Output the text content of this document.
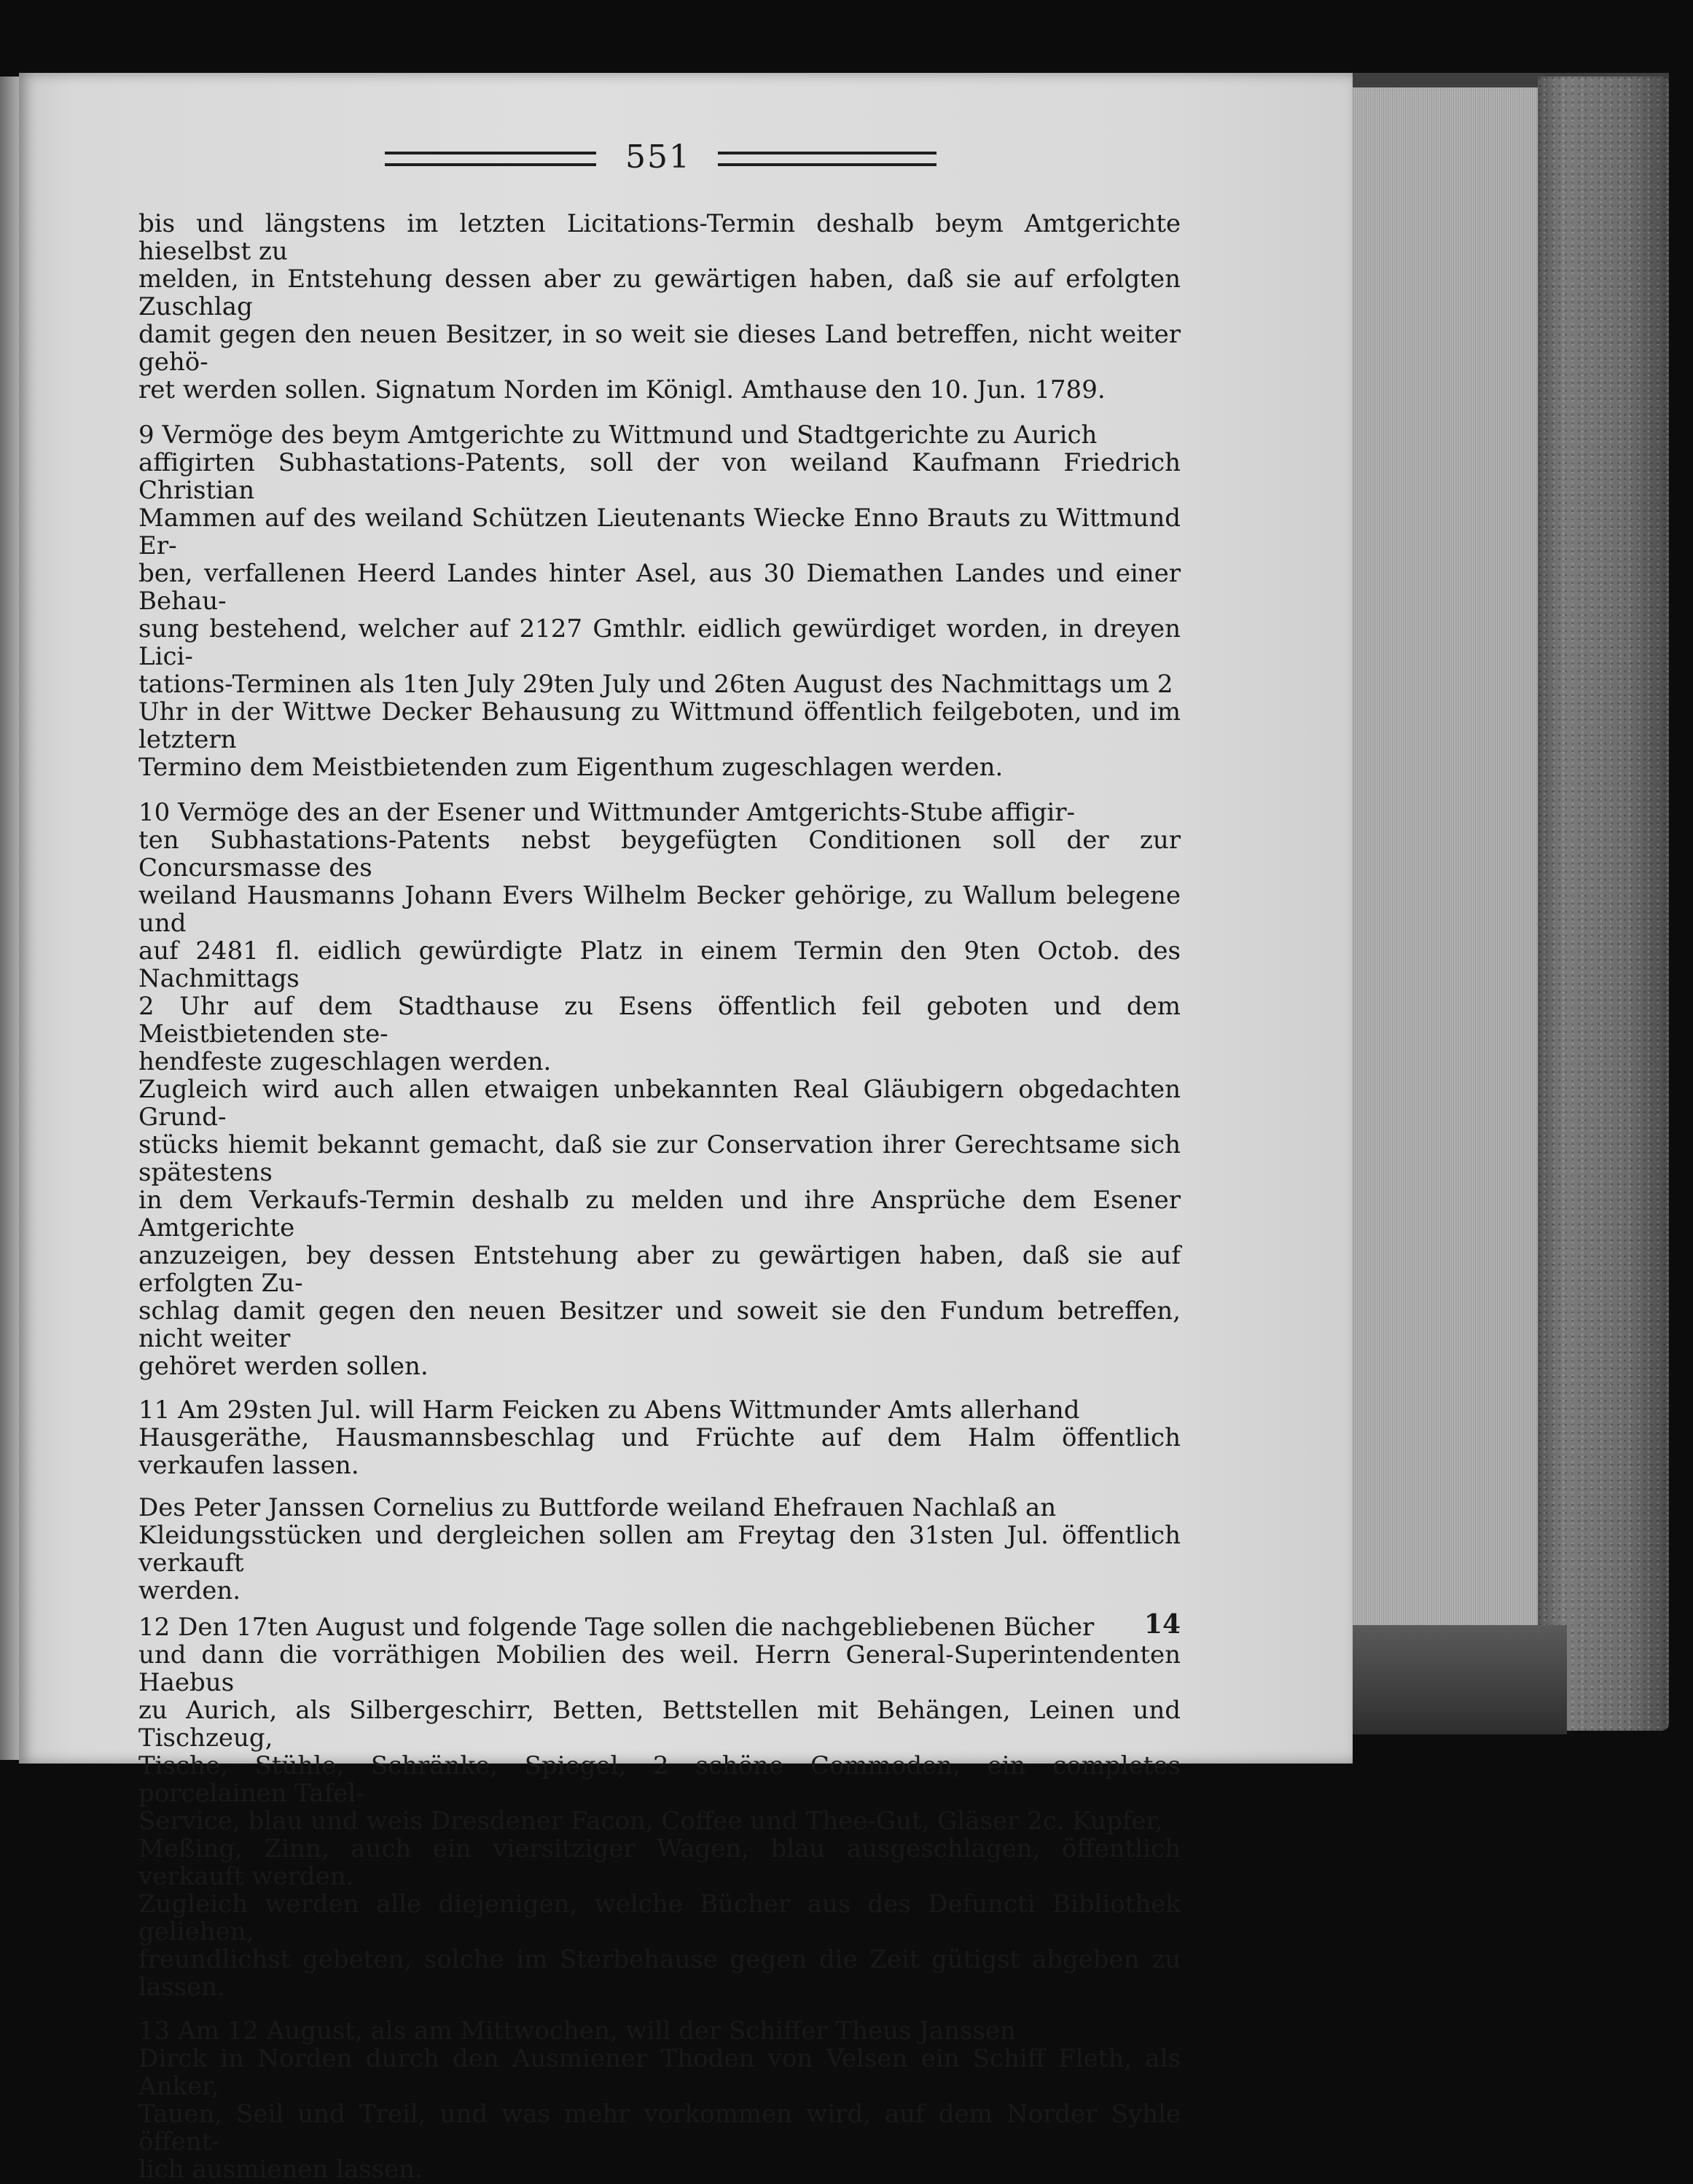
551

bis und längstens im letzten Licitations-Termin deshalb beym Amtgerichte hieselbst zu
melden, in Entstehung dessen aber zu gewärtigen haben, daß sie auf erfolgten Zuschlag
damit gegen den neuen Besitzer, in so weit sie dieses Land betreffen, nicht weiter gehö-
ret werden sollen. Signatum Norden im Königl. Amthause den 10. Jun. 1789.

9 Vermöge des beym Amtgerichte zu Wittmund und Stadtgerichte zu Aurich
affigirten Subhastations-Patents, soll der von weiland Kaufmann Friedrich Christian
Mammen auf des weiland Schützen Lieutenants Wiecke Enno Brauts zu Wittmund Er-
ben, verfallenen Heerd Landes hinter Asel, aus 30 Diemathen Landes und einer Behau-
sung bestehend, welcher auf 2127 Gmthlr. eidlich gewürdiget worden, in dreyen Lici-
tations-Terminen als 1ten July 29ten July und 26ten August des Nachmittags um 2
Uhr in der Wittwe Decker Behausung zu Wittmund öffentlich feilgeboten, und im letztern
Termino dem Meistbietenden zum Eigenthum zugeschlagen werden.

10 Vermöge des an der Esener und Wittmunder Amtgerichts-Stube affigir-
ten Subhastations-Patents nebst beygefügten Conditionen soll der zur Concursmasse des
weiland Hausmanns Johann Evers Wilhelm Becker gehörige, zu Wallum belegene und
auf 2481 fl. eidlich gewürdigte Platz in einem Termin den 9ten Octob. des Nachmittags
2 Uhr auf dem Stadthause zu Esens öffentlich feil geboten und dem Meistbietenden ste-
hendfeste zugeschlagen werden.

Zugleich wird auch allen etwaigen unbekannten Real Gläubigern obgedachten Grund-
stücks hiemit bekannt gemacht, daß sie zur Conservation ihrer Gerechtsame sich spätestens
in dem Verkaufs-Termin deshalb zu melden und ihre Ansprüche dem Esener Amtgerichte
anzuzeigen, bey dessen Entstehung aber zu gewärtigen haben, daß sie auf erfolgten Zu-
schlag damit gegen den neuen Besitzer und soweit sie den Fundum betreffen, nicht weiter
gehöret werden sollen.

11 Am 29sten Jul. will Harm Feicken zu Abens Wittmunder Amts allerhand
Hausgeräthe, Hausmannsbeschlag und Früchte auf dem Halm öffentlich verkaufen lassen.

Des Peter Janssen Cornelius zu Buttforde weiland Ehefrauen Nachlaß an
Kleidungsstücken und dergleichen sollen am Freytag den 31sten Jul. öffentlich verkauft
werden.

12 Den 17ten August und folgende Tage sollen die nachgebliebenen Bücher
und dann die vorräthigen Mobilien des weil. Herrn General-Superintendenten Haebus
zu Aurich, als Silbergeschirr, Betten, Bettstellen mit Behängen, Leinen und Tischzeug,
Tische, Stühle, Schränke, Spiegel, 2 schöne Commoden, ein completes porcelainen Tafel-
Service, blau und weis Dresdener Facon, Coffee und Thee-Gut, Gläser 2c. Kupfer,
Meßing, Zinn, auch ein viersitziger Wagen, blau ausgeschlagen, öffentlich verkauft werden.
Zugleich werden alle diejenigen, welche Bücher aus des Defuncti Bibliothek geliehen,
freundlichst gebeten, solche im Sterbehause gegen die Zeit gütigst abgeben zu lassen.

13 Am 12 August, als am Mittwochen, will der Schiffer Theus Janssen
Dirck in Norden durch den Ausmiener Thoden von Velsen ein Schiff Fleth, als Anker,
Tauen, Seil und Treil, und was mehr vorkommen wird, auf dem Norder Syhle öffent-
lich ausmienen lassen.

14
